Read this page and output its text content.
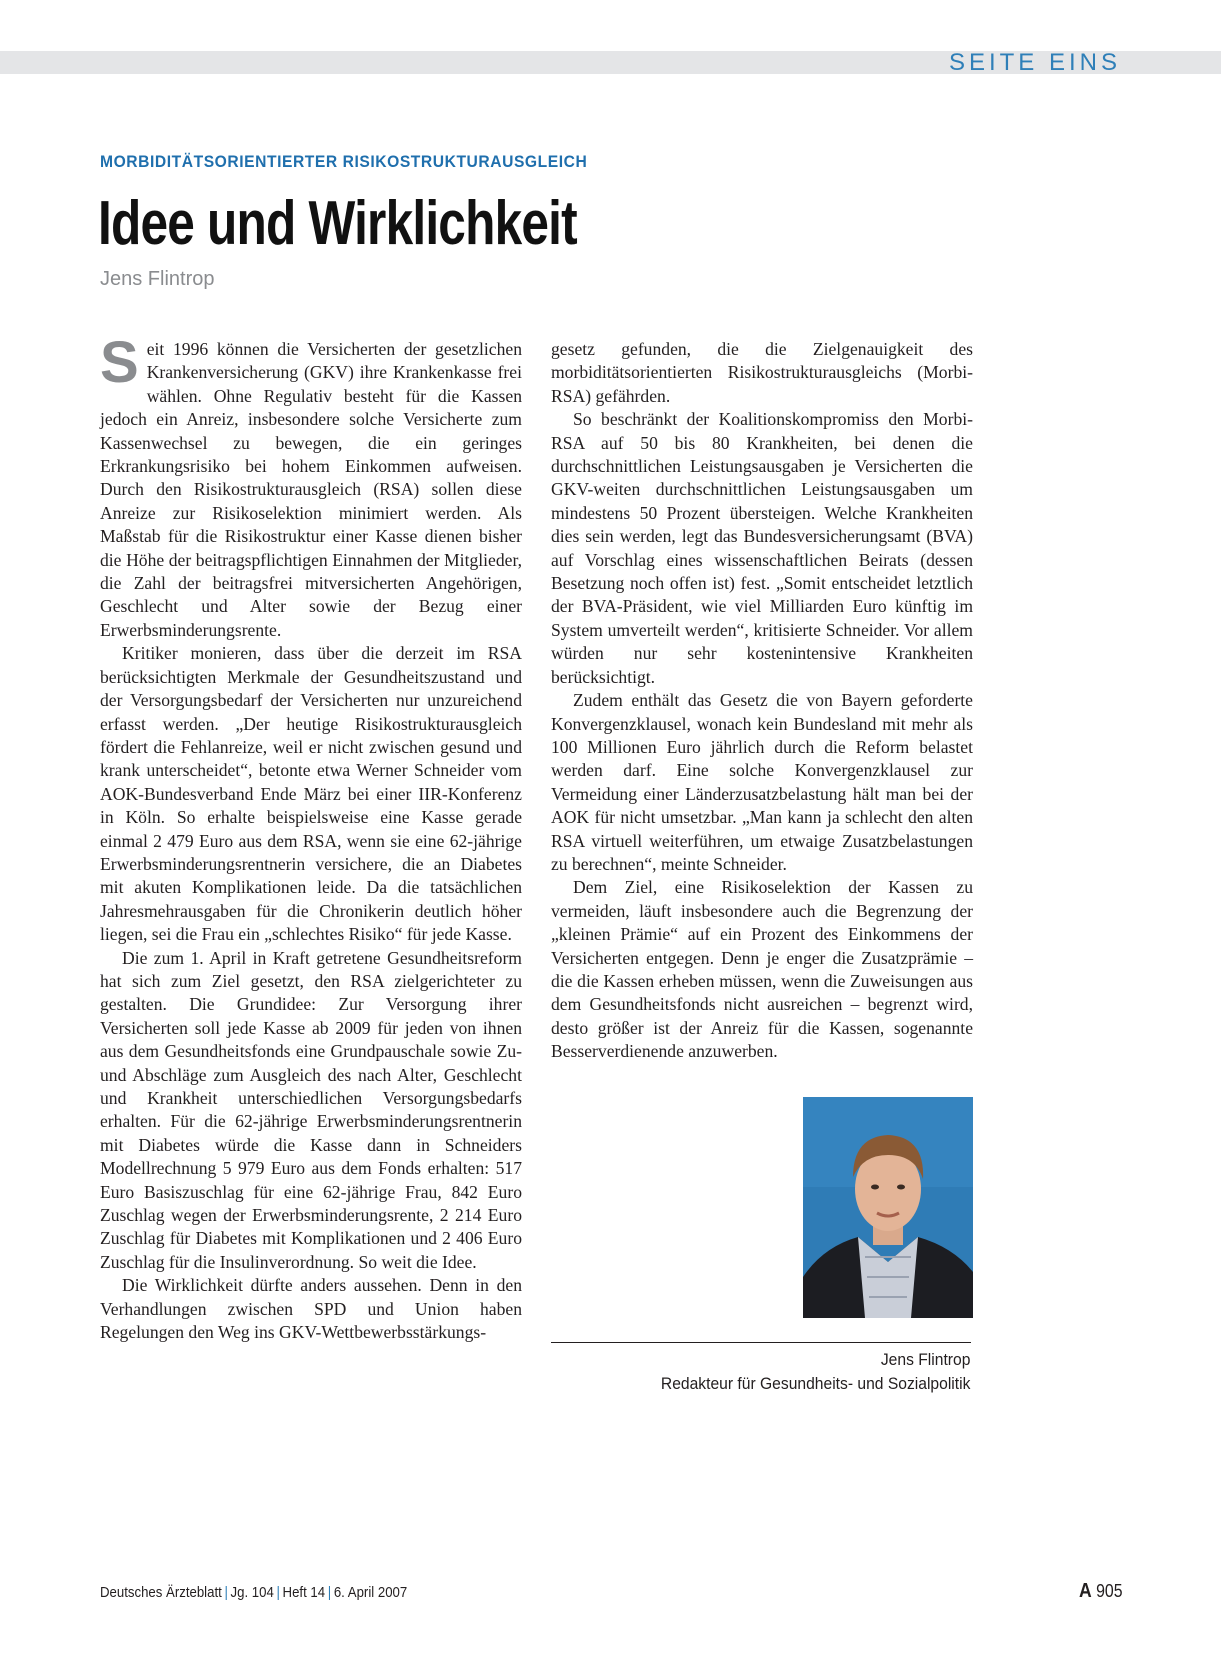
SEITE EINS
MORBIDITÄTSORIENTIERTER RISIKOSTRUKTURAUSGLEICH
Idee und Wirklichkeit
Jens Flintrop

Seit 1996 können die Versicherten der gesetzlichen Krankenversicherung (GKV) ihre Krankenkasse frei wählen. Ohne Regulativ besteht für die Kassen jedoch ein Anreiz, insbesondere solche Versicherte zum Kassenwechsel zu bewegen, die ein geringes Erkrankungsrisiko bei hohem Einkommen aufweisen. Durch den Risikostrukturausgleich (RSA) sollen diese Anreize zur Risikoselektion minimiert werden. Als Maßstab für die Risikostruktur einer Kasse dienen bisher die Höhe der beitragspflichtigen Einnahmen der Mitglieder, die Zahl der beitragsfrei mitversicherten Angehörigen, Geschlecht und Alter sowie der Bezug einer Erwerbsminderungsrente.

Kritiker monieren, dass über die derzeit im RSA berücksichtigten Merkmale der Gesundheitszustand und der Versorgungsbedarf der Versicherten nur unzureichend erfasst werden. „Der heutige Risikostrukturausgleich fördert die Fehlanreize, weil er nicht zwischen gesund und krank unterscheidet“, betonte etwa Werner Schneider vom AOK-Bundesverband Ende März bei einer IIR-Konferenz in Köln. So erhalte beispielsweise eine Kasse gerade einmal 2 479 Euro aus dem RSA, wenn sie eine 62-jährige Erwerbsminderungsrentnerin versichere, die an Diabetes mit akuten Komplikationen leide. Da die tatsächlichen Jahresmehrausgaben für die Chronikerin deutlich höher liegen, sei die Frau ein „schlechtes Risiko“ für jede Kasse.

Die zum 1. April in Kraft getretene Gesundheitsreform hat sich zum Ziel gesetzt, den RSA zielgerichteter zu gestalten. Die Grundidee: Zur Versorgung ihrer Versicherten soll jede Kasse ab 2009 für jeden von ihnen aus dem Gesundheitsfonds eine Grundpauschale sowie Zu- und Abschläge zum Ausgleich des nach Alter, Geschlecht und Krankheit unterschiedlichen Versorgungsbedarfs erhalten. Für die 62-jährige Erwerbsminderungsrentnerin mit Diabetes würde die Kasse dann in Schneiders Modellrechnung 5 979 Euro aus dem Fonds erhalten: 517 Euro Basiszuschlag für eine 62-jährige Frau, 842 Euro Zuschlag wegen der Erwerbsminderungsrente, 2 214 Euro Zuschlag für Diabetes mit Komplikationen und 2 406 Euro Zuschlag für die Insulinverordnung. So weit die Idee.

Die Wirklichkeit dürfte anders aussehen. Denn in den Verhandlungen zwischen SPD und Union haben Regelungen den Weg ins GKV-Wettbewerbsstärkungs-

gesetz gefunden, die die Zielgenauigkeit des morbiditätsorientierten Risikostrukturausgleichs (Morbi-RSA) gefährden.

So beschränkt der Koalitionskompromiss den Morbi-RSA auf 50 bis 80 Krankheiten, bei denen die durchschnittlichen Leistungsausgaben je Versicherten die GKV-weiten durchschnittlichen Leistungsausgaben um mindestens 50 Prozent übersteigen. Welche Krankheiten dies sein werden, legt das Bundesversicherungsamt (BVA) auf Vorschlag eines wissenschaftlichen Beirats (dessen Besetzung noch offen ist) fest. „Somit entscheidet letztlich der BVA-Präsident, wie viel Milliarden Euro künftig im System umverteilt werden“, kritisierte Schneider. Vor allem würden nur sehr kostenintensive Krankheiten berücksichtigt.

Zudem enthält das Gesetz die von Bayern geforderte Konvergenzklausel, wonach kein Bundesland mit mehr als 100 Millionen Euro jährlich durch die Reform belastet werden darf. Eine solche Konvergenzklausel zur Vermeidung einer Länderzusatzbelastung hält man bei der AOK für nicht umsetzbar. „Man kann ja schlecht den alten RSA virtuell weiterführen, um etwaige Zusatzbelastungen zu berechnen“, meinte Schneider.

Dem Ziel, eine Risikoselektion der Kassen zu vermeiden, läuft insbesondere auch die Begrenzung der „kleinen Prämie“ auf ein Prozent des Einkommens der Versicherten entgegen. Denn je enger die Zusatzprämie – die die Kassen erheben müssen, wenn die Zuweisungen aus dem Gesundheitsfonds nicht ausreichen – begrenzt wird, desto größer ist der Anreiz für die Kassen, sogenannte Besserverdienende anzuwerben.

Jens Flintrop
Redakteur für Gesundheits- und Sozialpolitik
Deutsches Ärzteblatt | Jg. 104 | Heft 14 | 6. April 2007	A 905
